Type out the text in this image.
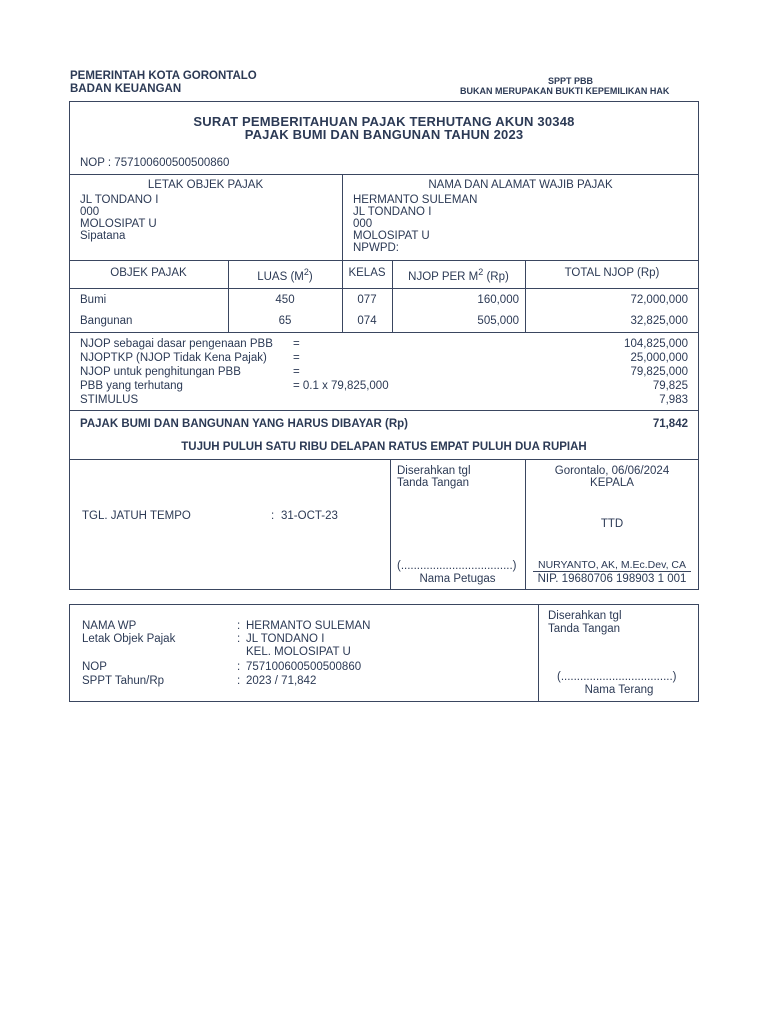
PEMERINTAH KOTA GORONTALO
BADAN KEUANGAN
SPPT PBB
BUKAN MERUPAKAN BUKTI KEPEMILIKAN HAK
SURAT PEMBERITAHUAN PAJAK TERHUTANG AKUN 30348
PAJAK BUMI DAN BANGUNAN TAHUN 2023
NOP : 757100600500500860
LETAK OBJEK PAJAK
JL TONDANO I
000
MOLOSIPAT U
Sipatana
NAMA DAN ALAMAT WAJIB PAJAK
HERMANTO SULEMAN
JL TONDANO I
000
MOLOSIPAT U
NPWPD:
OBJEK PAJAK	LUAS $(M^2)$	KELAS	NJOP PER $M^2$ (Rp)	TOTAL NJOP (Rp)
Bumi	450	077	160,000	72,000,000
Bangunan	65	074	505,000	32,825,000
NJOP sebagai dasar pengenaan PBB =	104,825,000
NJOPTKP (NJOP Tidak Kena Pajak) =	25,000,000
NJOP untuk penghitungan PBB	=	79,825,000
PBB yang terhutang	= 0.1 x 79,825,000	79,825
STIMULUS	7,983
PAJAK BUMI DAN BANGUNAN YANG HARUS DIBAYAR (Rp)	71,842
TUJUH PULUH SATU RIBU DELAPAN RATUS EMPAT PULUH DUA RUPIAH
TGL. JATUH TEMPO	: 31-OCT-23
Diserahkan tgl
Tanda Tangan
(...................................)
Nama Petugas
Gorontalo, 06/06/2024
KEPALA
TTD
NURYANTO, AK, M.Ec.Dev, CA
NIP. 19680706 198903 1 001
NAMA WP	: HERMANTO SULEMAN
Letak Objek Pajak	: JL TONDANO I
KEL. MOLOSIPAT U
NOP	: 757100600500500860
SPPT Tahun/Rp	: 2023 / 71,842
Diserahkan tgl
Tanda Tangan
(...................................)
Nama Terang
